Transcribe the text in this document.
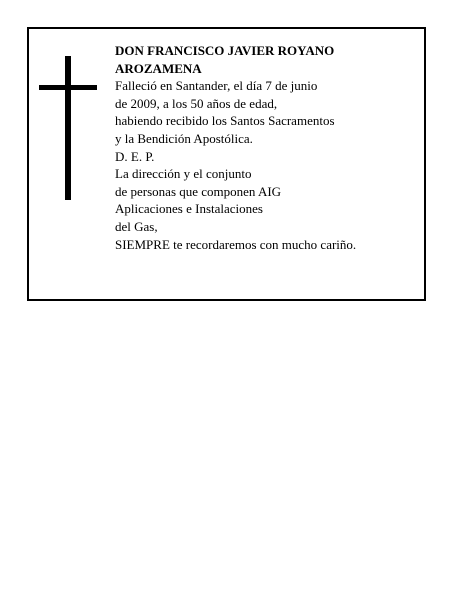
DON FRANCISCO JAVIER ROYANO

AROZAMENA

Falleció en Santander, el día 7 de junio

de 2009, a los 50 años de edad,

habiendo recibido los Santos Sacramentos

y la Bendición Apostólica.

D. E. P.

La dirección y el conjunto

de personas que componen AIG

Aplicaciones e Instalaciones

del Gas,

SIEMPRE te recordaremos con mucho cariño.
